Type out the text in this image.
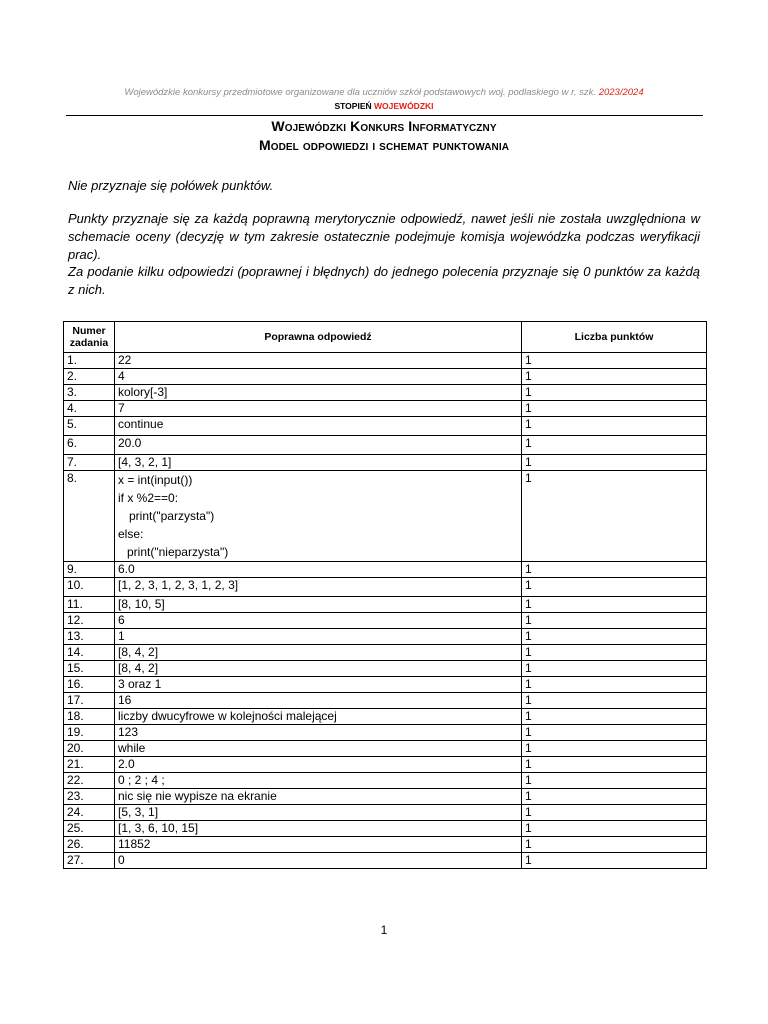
Wojewódzkie konkursy przedmiotowe organizowane dla uczniów szkół podstawowych woj. podlaskiego w r. szk. 2023/2024
STOPIEŃ WOJEWÓDZKI
Wojewódzki Konkurs Informatyczny
Model odpowiedzi i schemat punktowania
Nie przyznaje się połówek punktów.
Punkty przyznaje się za każdą poprawną merytorycznie odpowiedź, nawet jeśli nie została uwzględniona w schemacie oceny (decyzję w tym zakresie ostatecznie podejmuje komisja wojewódzka podczas weryfikacji prac).
Za podanie kilku odpowiedzi (poprawnej i błędnych) do jednego polecenia przyznaje się 0 punktów za każdą z nich.
Numer zadania	Poprawna odpowiedź	Liczba punktów
1.	22	1
2.	4	1
3.	kolory[-3]	1
4.	7	1
5.	continue	1
6.	20.0	1
7.	[4, 3, 2, 1]	1
8.	x = int(input())
if x %2==0:
print("parzysta")
else:
print("nieparzysta")	1
9.	6.0	1
10.	[1, 2, 3, 1, 2, 3, 1, 2, 3]	1
11.	[8, 10, 5]	1
12.	6	1
13.	1	1
14.	[8, 4, 2]	1
15.	[8, 4, 2]	1
16.	3 oraz 1	1
17.	16	1
18.	liczby dwucyfrowe w kolejności malejącej	1
19.	123	1
20.	while	1
21.	2.0	1
22.	0 ; 2 ; 4 ;	1
23.	nic się nie wypisze na ekranie	1
24.	[5, 3, 1]	1
25.	[1, 3, 6, 10, 15]	1
26.	11852	1
27.	0	1
1
